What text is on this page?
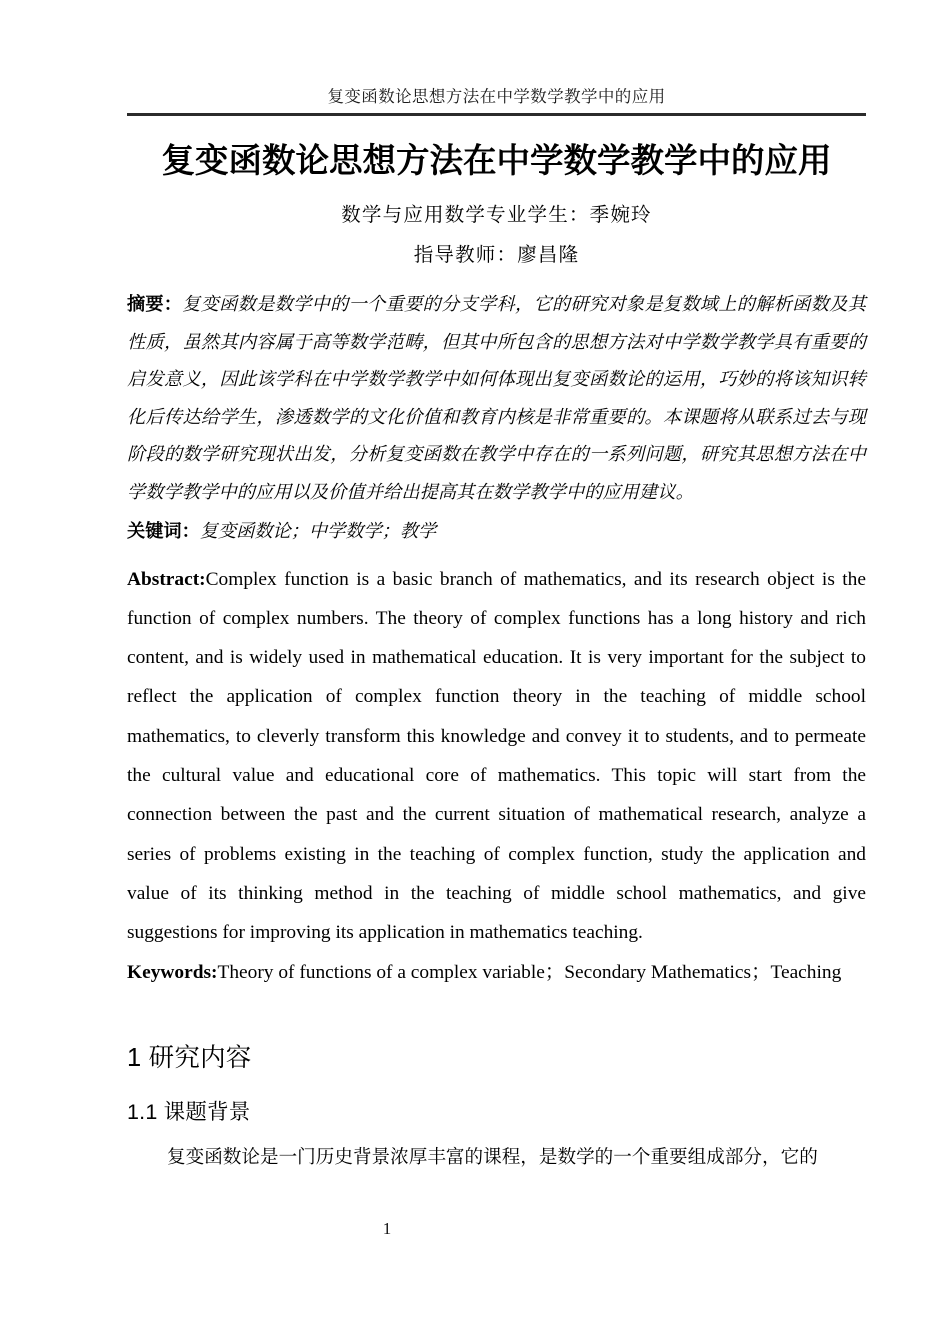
复变函数论思想方法在中学数学教学中的应用
复变函数论思想方法在中学数学教学中的应用

数学与应用数学专业学生：季婉玲

指导教师：廖昌隆

摘要：复变函数是数学中的一个重要的分支学科，它的研究对象是复数域上的解析函数及其性质，虽然其内容属于高等数学范畴，但其中所包含的思想方法对中学数学教学具有重要的启发意义，因此该学科在中学数学教学中如何体现出复变函数论的运用，巧妙的将该知识转化后传达给学生，渗透数学的文化价值和教育内核是非常重要的。本课题将从联系过去与现阶段的数学研究现状出发，分析复变函数在教学中存在的一系列问题，研究其思想方法在中学数学教学中的应用以及价值并给出提高其在数学教学中的应用建议。

关键词：复变函数论；中学数学；教学

Abstract:Complex function is a basic branch of mathematics, and its research object is the function of complex numbers. The theory of complex functions has a long history and rich content, and is widely used in mathematical education. It is very important for the subject to reflect the application of complex function theory in the teaching of middle school mathematics, to cleverly transform this knowledge and convey it to students, and to permeate the cultural value and educational core of mathematics. This topic will start from the connection between the past and the current situation of mathematical research, analyze a series of problems existing in the teaching of complex function, study the application and value of its thinking method in the teaching of middle school mathematics, and give suggestions for improving its application in mathematics teaching.

Keywords:Theory of functions of a complex variable；Secondary Mathematics；Teaching

1 研究内容
1.1 课题背景

复变函数论是一门历史背景浓厚丰富的课程，是数学的一个重要组成部分，它的

1
